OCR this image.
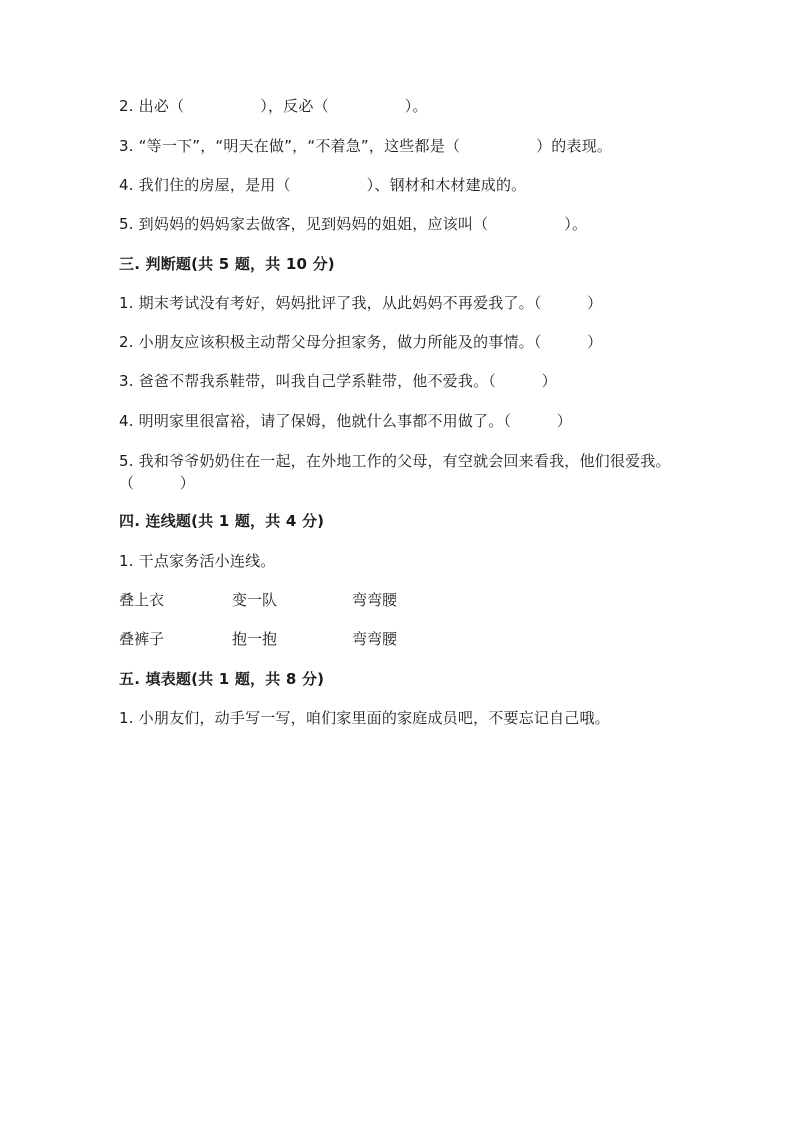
2. 出必（　　　　　），反必（　　　　　）。
3. “等一下”，“明天在做”，“不着急”，这些都是（　　　　　）的表现。
4. 我们住的房屋，是用（　　　　　）、钢材和木材建成的。
5. 到妈妈的妈妈家去做客，见到妈妈的姐姐，应该叫（　　　　　）。
三. 判断题(共 5 题，共 10 分)
1. 期末考试没有考好，妈妈批评了我，从此妈妈不再爱我了。（　　　）
2. 小朋友应该积极主动帮父母分担家务，做力所能及的事情。（　　　）
3. 爸爸不帮我系鞋带，叫我自己学系鞋带，他不爱我。（　　　）
4. 明明家里很富裕，请了保姆，他就什么事都不用做了。（　　　）
5. 我和爷爷奶奶住在一起，在外地工作的父母，有空就会回来看我，他们很爱我。（　　　）
四. 连线题(共 1 题，共 4 分)
1. 干点家务活小连线。
叠上衣	变一队	弯弯腰
叠裤子	抱一抱	弯弯腰
五. 填表题(共 1 题，共 8 分)
1. 小朋友们，动手写一写，咱们家里面的家庭成员吧，不要忘记自己哦。
